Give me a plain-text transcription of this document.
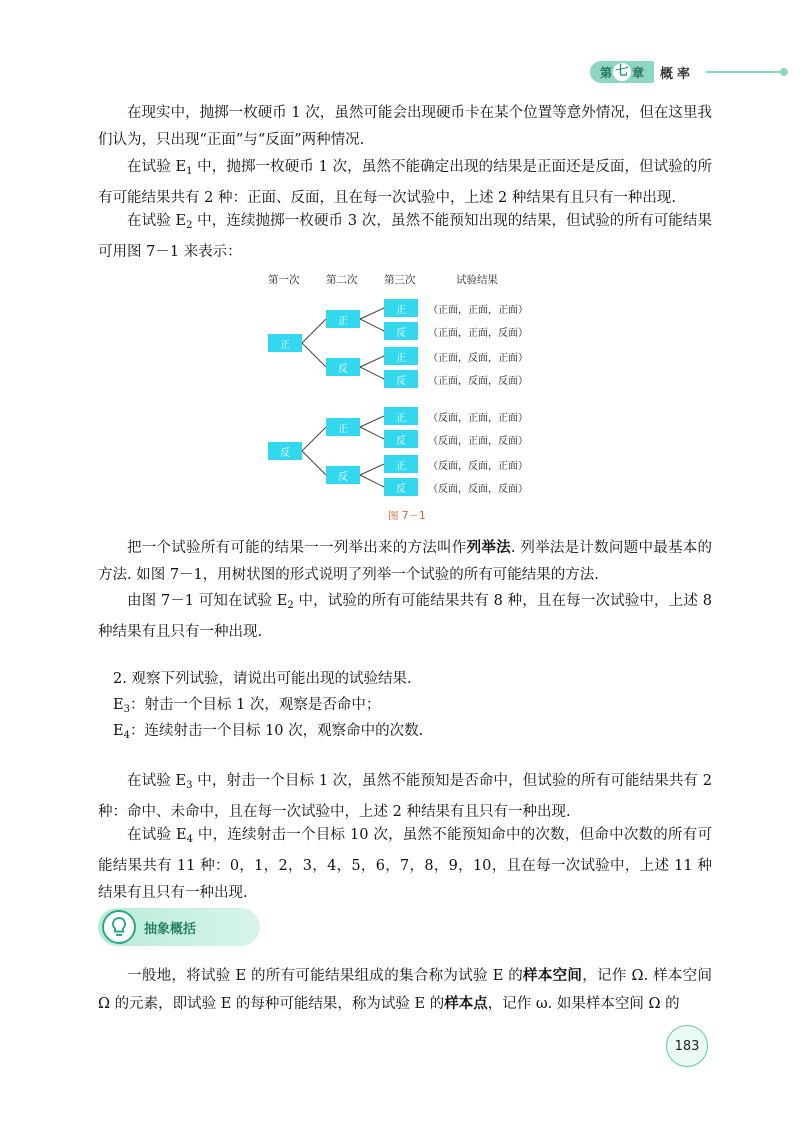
第 七 章 概率

在现实中，抛掷一枚硬币 1 次，虽然可能会出现硬币卡在某个位置等意外情况，但在这里我们认为，只出现“正面”与“反面”两种情况.

在试验 $E_1$ 中，抛掷一枚硬币 1 次，虽然不能确定出现的结果是正面还是反面，但试验的所有可能结果共有 2 种：正面、反面，且在每一次试验中，上述 2 种结果有且只有一种出现.

在试验 $E_2$ 中，连续抛掷一枚硬币 3 次，虽然不能预知出现的结果，但试验的所有可能结果可用图 7－1 来表示：

第一次	第二次	第三次	试验结果
正
反
正
反
正
反
正
反
正
反
正
反
正
反
（正面，正面，正面）
（正面，正面，反面）
（正面，反面，正面）
（正面，反面，反面）
（反面，正面，正面）
（反面，正面，反面）
（反面，反面，正面）
（反面，反面，反面）
图 7－1

把一个试验所有可能的结果一一列举出来的方法叫作列举法. 列举法是计数问题中最基本的方法. 如图 7－1，用树状图的形式说明了列举一个试验的所有可能结果的方法.

由图 7－1 可知在试验 $E_2$ 中，试验的所有可能结果共有 8 种，且在每一次试验中，上述 8 种结果有且只有一种出现.

2. 观察下列试验，请说出可能出现的试验结果.

$E_3$：射击一个目标 1 次，观察是否命中；

$E_4$：连续射击一个目标 10 次，观察命中的次数.

在试验 $E_3$ 中，射击一个目标 1 次，虽然不能预知是否命中，但试验的所有可能结果共有 2 种：命中、未命中，且在每一次试验中，上述 2 种结果有且只有一种出现.

在试验 $E_4$ 中，连续射击一个目标 10 次，虽然不能预知命中的次数，但命中次数的所有可能结果共有 11 种：0，1，2，3，4，5，6，7，8，9，10，且在每一次试验中，上述 11 种结果有且只有一种出现.

抽象概括

一般地，将试验 E 的所有可能结果组成的集合称为试验 E 的样本空间，记作 Ω. 样本空间 Ω 的元素，即试验 E 的每种可能结果，称为试验 E 的样本点，记作 ω. 如果样本空间 Ω 的

183
